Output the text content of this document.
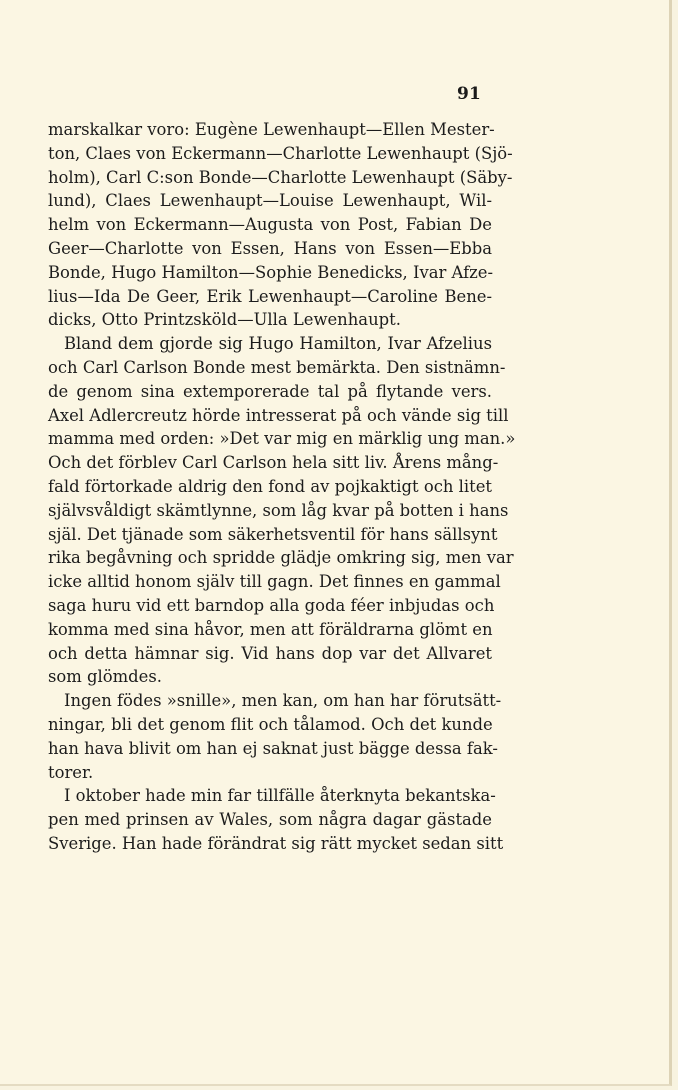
91
marskalkar voro: Eugène Lewenhaupt—Ellen Mester-
ton, Claes von Eckermann—Charlotte Lewenhaupt (Sjö-
holm), Carl C:son Bonde—Charlotte Lewenhaupt (Säby-
lund), Claes Lewenhaupt—Louise Lewenhaupt, Wil-
helm von Eckermann—Augusta von Post, Fabian De
Geer—Charlotte von Essen, Hans von Essen—Ebba
Bonde, Hugo Hamilton—Sophie Benedicks, Ivar Afze-
lius—Ida De Geer, Erik Lewenhaupt—Caroline Bene-
dicks, Otto Printzsköld—Ulla Lewenhaupt.
Bland dem gjorde sig Hugo Hamilton, Ivar Afzelius
och Carl Carlson Bonde mest bemärkta. Den sistnämn-
de genom sina extemporerade tal på flytande vers.
Axel Adlercreutz hörde intresserat på och vände sig till
mamma med orden: »Det var mig en märklig ung man.»
Och det förblev Carl Carlson hela sitt liv. Årens mång-
fald förtorkade aldrig den fond av pojkaktigt och litet
självsvåldigt skämtlynne, som låg kvar på botten i hans
själ. Det tjänade som säkerhetsventil för hans sällsynt
rika begåvning och spridde glädje omkring sig, men var
icke alltid honom själv till gagn. Det finnes en gammal
saga huru vid ett barndop alla goda féer inbjudas och
komma med sina håvor, men att föräldrarna glömt en
och detta hämnar sig. Vid hans dop var det Allvaret
som glömdes.
Ingen födes »snille», men kan, om han har förutsätt-
ningar, bli det genom flit och tålamod. Och det kunde
han hava blivit om han ej saknat just bägge dessa fak-
torer.
I oktober hade min far tillfälle återknyta bekantska-
pen med prinsen av Wales, som några dagar gästade
Sverige. Han hade förändrat sig rätt mycket sedan sitt
